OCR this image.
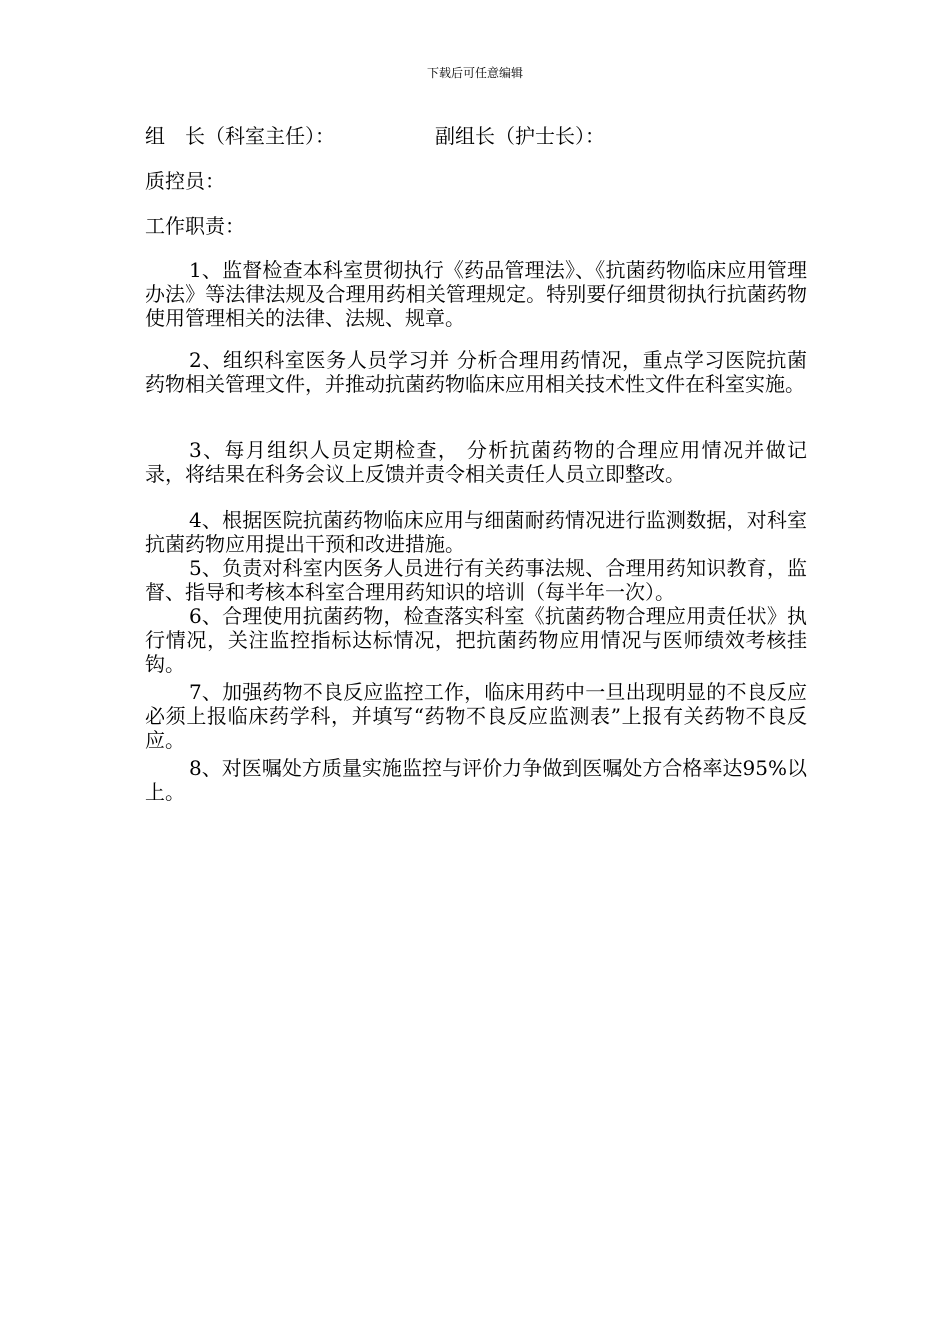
下载后可任意编辑
组　长（科室主任）：	副组长（护士长）：
质控员：
工作职责：
1、监督检查本科室贯彻执行《药品管理法》、《抗菌药物临床应用管理办法》等法律法规及合理用药相关管理规定。特别要仔细贯彻执行抗菌药物使用管理相关的法律、法规、规章。
2、组织科室医务人员学习并 分析合理用药情况，重点学习医院抗菌药物相关管理文件，并推动抗菌药物临床应用相关技术性文件在科室实施。
3、每月组织人员定期检查， 分析抗菌药物的合理应用情况并做记录，将结果在科务会议上反馈并责令相关责任人员立即整改。
4、根据医院抗菌药物临床应用与细菌耐药情况进行监测数据，对科室抗菌药物应用提出干预和改进措施。
5、负责对科室内医务人员进行有关药事法规、合理用药知识教育，监督、指导和考核本科室合理用药知识的培训（每半年一次）。
6、合理使用抗菌药物，检查落实科室《抗菌药物合理应用责任状》执行情况，关注监控指标达标情况，把抗菌药物应用情况与医师绩效考核挂钩。
7、加强药物不良反应监控工作，临床用药中一旦出现明显的不良反应必须上报临床药学科，并填写“药物不良反应监测表”上报有关药物不良反应。
8、对医嘱处方质量实施监控与评价力争做到医嘱处方合格率达95%以上。
